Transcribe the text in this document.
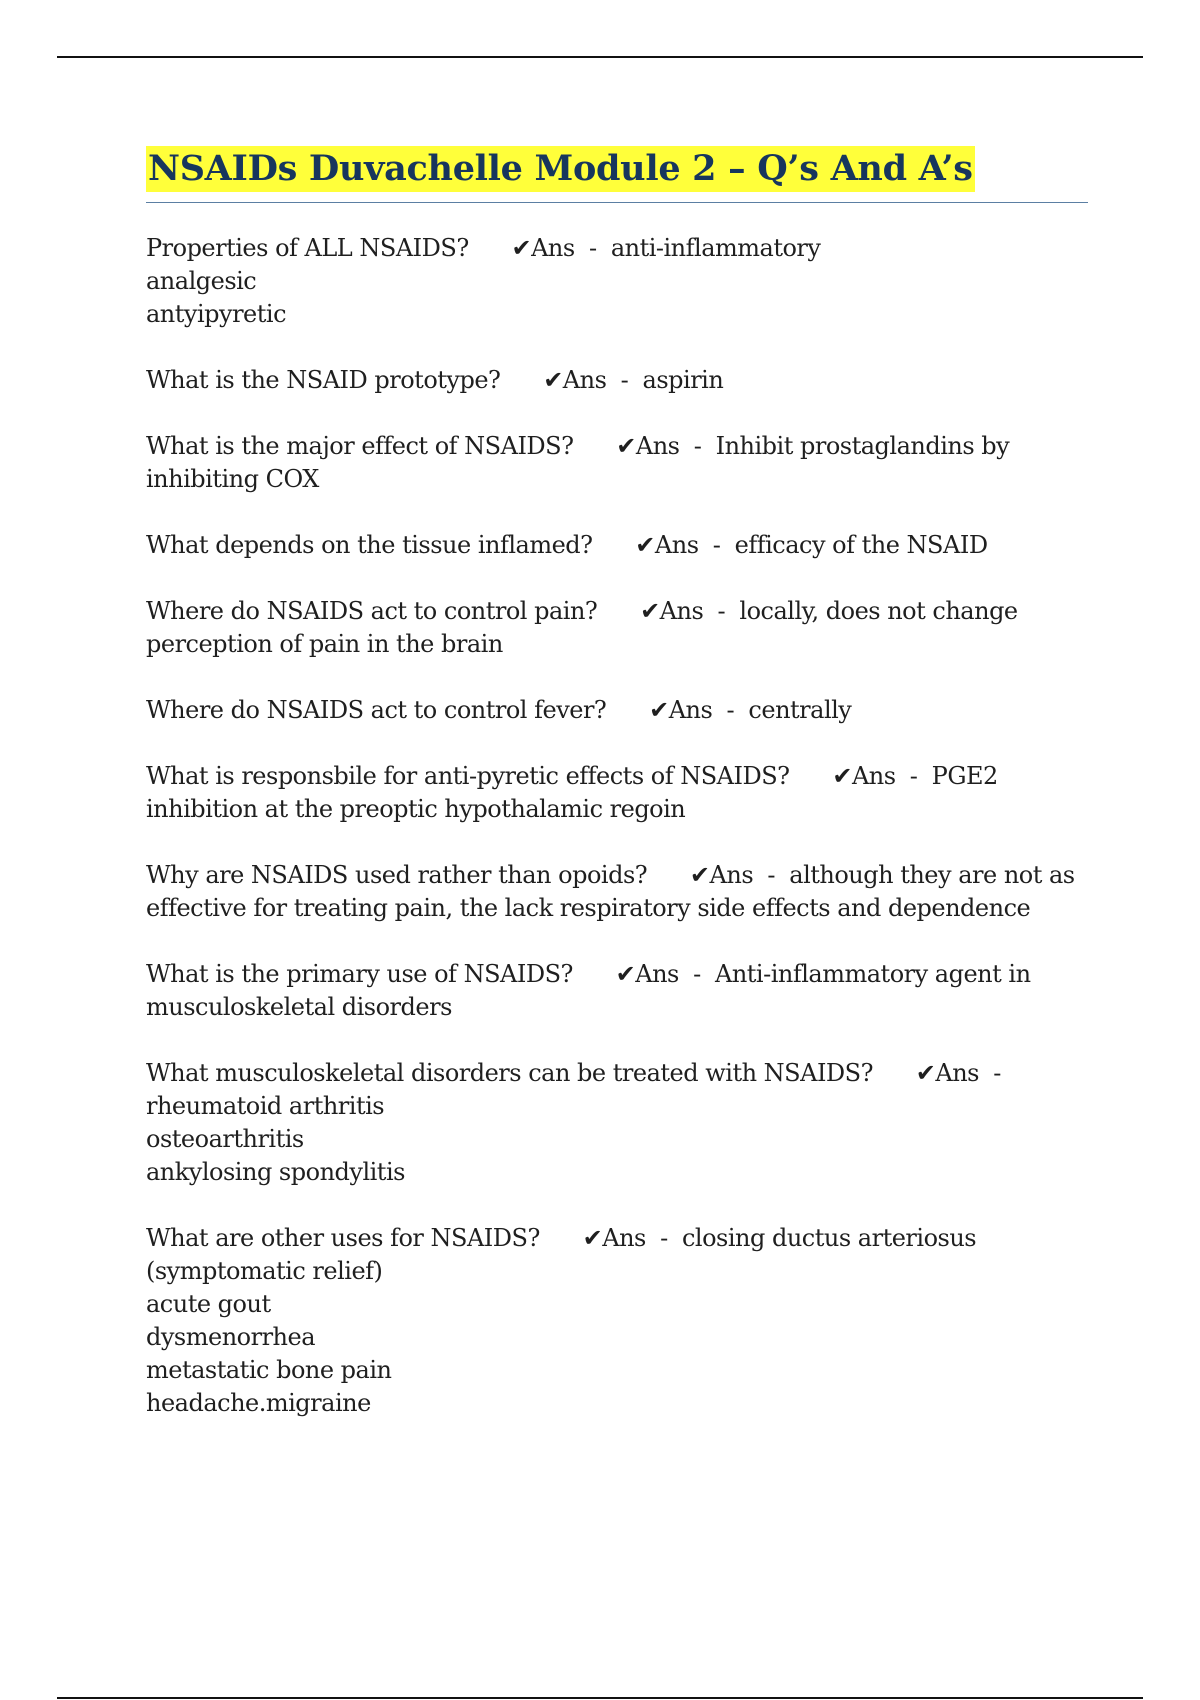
NSAIDs Duvachelle Module 2 – Q’s And A’s
Properties of ALL NSAIDS? ✔Ans  -  anti-inflammatory
analgesic
antyipyretic
What is the NSAID prototype? ✔Ans  -  aspirin
What is the major effect of NSAIDS? ✔Ans  -  Inhibit prostaglandins by inhibiting COX
What depends on the tissue inflamed? ✔Ans  -  efficacy of the NSAID
Where do NSAIDS act to control pain? ✔Ans  -  locally, does not change perception of pain in the brain
Where do NSAIDS act to control fever? ✔Ans  -  centrally
What is responsbile for anti-pyretic effects of NSAIDS? ✔Ans  -  PGE2 inhibition at the preoptic hypothalamic regoin
Why are NSAIDS used rather than opoids? ✔Ans  -  although they are not as effective for treating pain, the lack respiratory side effects and dependence
What is the primary use of NSAIDS? ✔Ans  -  Anti-inflammatory agent in musculoskeletal disorders
What musculoskeletal disorders can be treated with NSAIDS? ✔Ans  -
rheumatoid arthritis
osteoarthritis
ankylosing spondylitis
What are other uses for NSAIDS? ✔Ans  -  closing ductus arteriosus
(symptomatic relief)
acute gout
dysmenorrhea
metastatic bone pain
headache.migraine
